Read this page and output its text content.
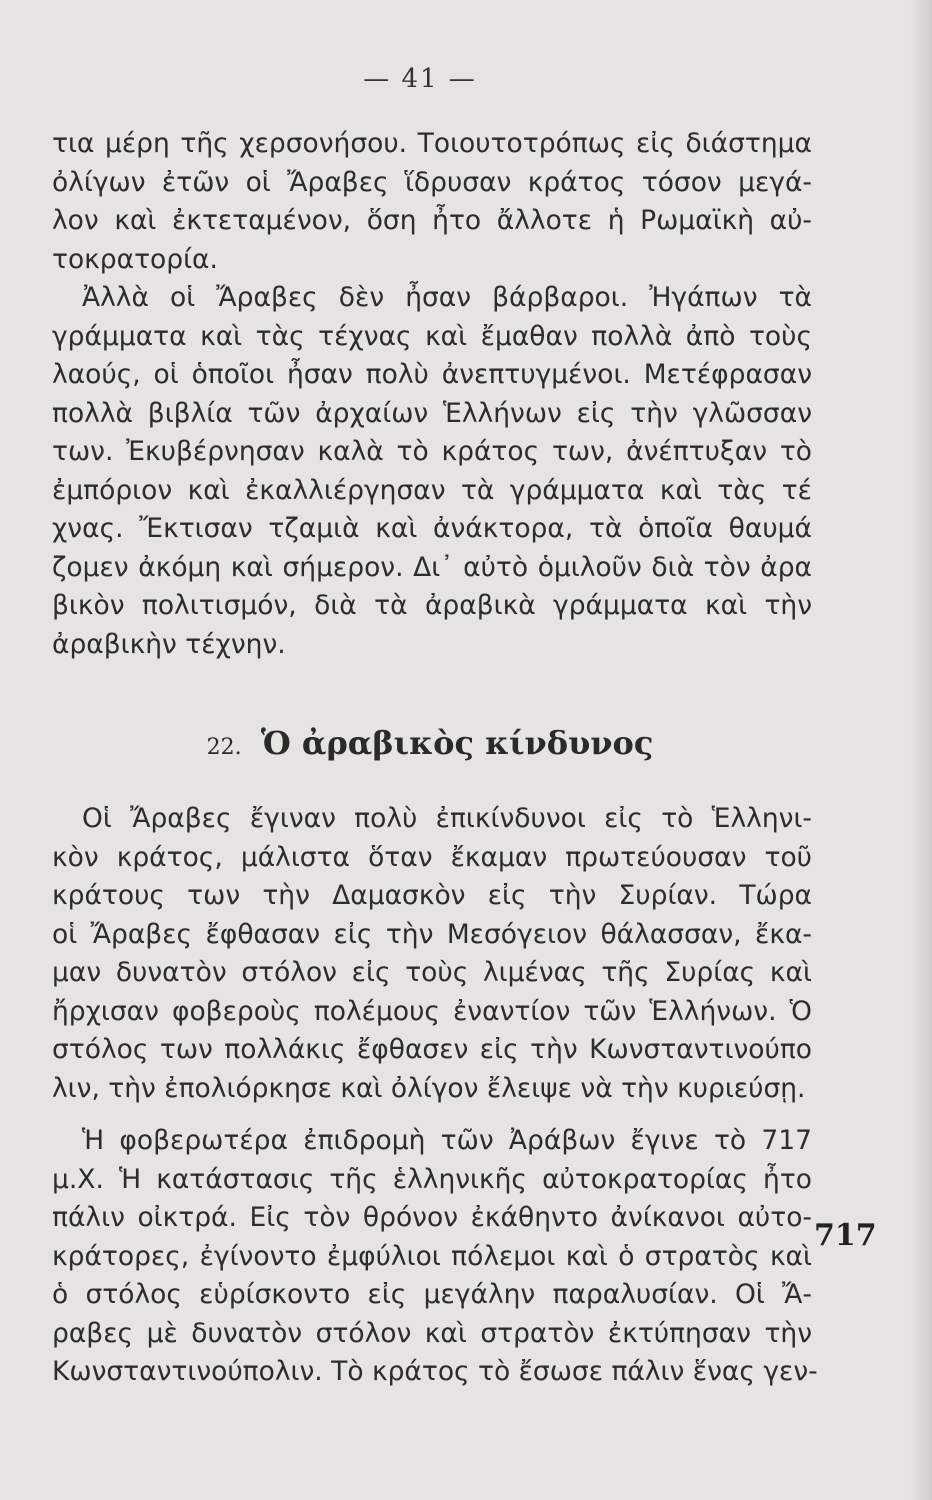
— 41 —
τια μέρη τῆς χερσονήσου. Τοιουτοτρόπως εἰς διάστημα
ὀλίγων ἐτῶν οἱ Ἄραβες ἵδρυσαν κράτος τόσον μεγά-
λον καὶ ἐκτεταμένον, ὅση ἦτο ἄλλοτε ἡ Ρωμαϊκὴ αὐ-
τοκρατορία.
Ἀλλὰ οἱ Ἄραβες δὲν ἦσαν βάρβαροι. Ἠγάπων τὰ
γράμματα καὶ τὰς τέχνας καὶ ἔμαθαν πολλὰ ἀπὸ τοὺς
λαούς, οἱ ὁποῖοι ἦσαν πολὺ ἀνεπτυγμένοι. Μετέφρασαν
πολλὰ βιβλία τῶν ἀρχαίων Ἑλλήνων εἰς τὴν γλῶσσαν
των. Ἐκυβέρνησαν καλὰ τὸ κράτος των, ἀνέπτυξαν τὸ
ἐμπόριον καὶ ἐκαλλιέργησαν τὰ γράμματα καὶ τὰς τέ
χνας. Ἔκτισαν τζαμιὰ καὶ ἀνάκτορα, τὰ ὁποῖα θαυμά
ζομεν ἀκόμη καὶ σήμερον. Δι᾽ αὐτὸ ὁμιλοῦν διὰ τὸν ἀρα
βικὸν πολιτισμόν, διὰ τὰ ἀραβικὰ γράμματα καὶ τὴν
ἀραβικὴν τέχνην.
22. Ὁ ἀραβικὸς κίνδυνος
Οἱ Ἄραβες ἔγιναν πολὺ ἐπικίνδυνοι εἰς τὸ Ἑλληνι-
κὸν κράτος, μάλιστα ὅταν ἔκαμαν πρωτεύουσαν τοῦ
κράτους των τὴν Δαμασκὸν εἰς τὴν Συρίαν. Τώρα
οἱ Ἄραβες ἔφθασαν εἰς τὴν Μεσόγειον θάλασσαν, ἔκα-
μαν δυνατὸν στόλον εἰς τοὺς λιμένας τῆς Συρίας καὶ
ἤρχισαν φοβεροὺς πολέμους ἐναντίον τῶν Ἑλλήνων. Ὁ
στόλος των πολλάκις ἔφθασεν εἰς τὴν Κωνσταντινούπο
λιν, τὴν ἐπολιόρκησε καὶ ὀλίγον ἔλειψε νὰ τὴν κυριεύσῃ.
Ἡ φοβερωτέρα ἐπιδρομὴ τῶν Ἀράβων ἔγινε τὸ 717
μ.Χ. Ἡ κατάστασις τῆς ἑλληνικῆς αὐτοκρατορίας ἦτο
πάλιν οἰκτρά. Εἰς τὸν θρόνον ἐκάθηντο ἀνίκανοι αὐτο-
κράτορες, ἐγίνοντο ἐμφύλιοι πόλεμοι καὶ ὁ στρατὸς καὶ
ὁ στόλος εὑρίσκοντο εἰς μεγάλην παραλυσίαν. Οἱ Ἄ-
ραβες μὲ δυνατὸν στόλον καὶ στρατὸν ἐκτύπησαν τὴν
Κωνσταντινούπολιν. Τὸ κράτος τὸ ἔσωσε πάλιν ἕνας γεν-
717
